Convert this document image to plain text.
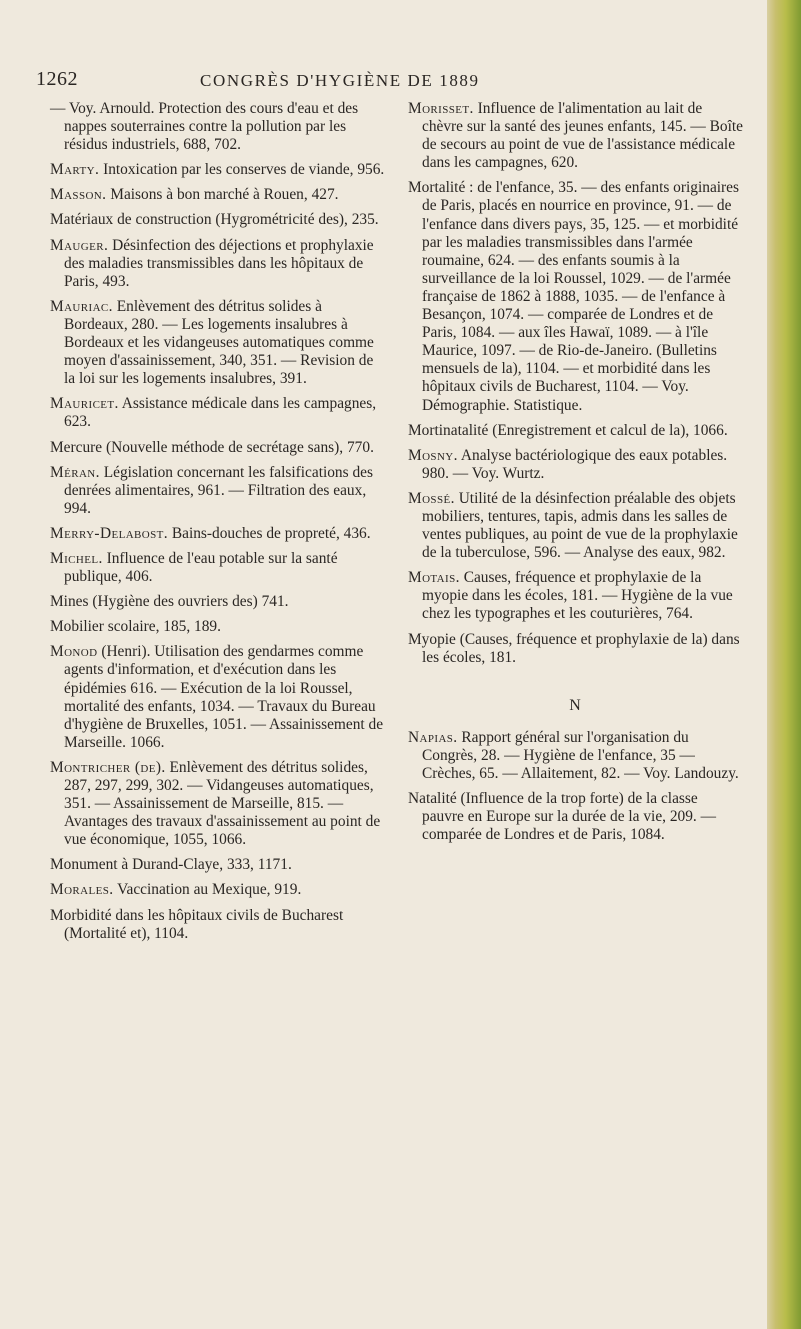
1262	CONGRÈS D'HYGIÈNE DE 1889

— Voy. Arnould. Protection des cours d'eau et des nappes souterraines contre la pollution par les résidus industriels, 688, 702.

Marty. Intoxication par les conserves de viande, 956.

Masson. Maisons à bon marché à Rouen, 427.

Matériaux de construction (Hygrométricité des), 235.

Mauger. Désinfection des déjections et prophylaxie des maladies transmissibles dans les hôpitaux de Paris, 493.

Mauriac. Enlèvement des détritus solides à Bordeaux, 280. — Les logements insalubres à Bordeaux et les vidangeuses automatiques comme moyen d'assainissement, 340, 351. — Revision de la loi sur les logements insalubres, 391.

Mauricet. Assistance médicale dans les campagnes, 623.

Mercure (Nouvelle méthode de secrétage sans), 770.

Méran. Législation concernant les falsifications des denrées alimentaires, 961. — Filtration des eaux, 994.

Merry-Delabost. Bains-douches de propreté, 436.

Michel. Influence de l'eau potable sur la santé publique, 406.

Mines (Hygiène des ouvriers des) 741.

Mobilier scolaire, 185, 189.

Monod (Henri). Utilisation des gendarmes comme agents d'information, et d'exécution dans les épidémies 616. — Exécution de la loi Roussel, mortalité des enfants, 1034. — Travaux du Bureau d'hygiène de Bruxelles, 1051. — Assainissement de Marseille. 1066.

Montricher (de). Enlèvement des détritus solides, 287, 297, 299, 302. — Vidangeuses automatiques, 351. — Assainissement de Marseille, 815. — Avantages des travaux d'assainissement au point de vue économique, 1055, 1066.

Monument à Durand-Claye, 333, 1171.

Morales. Vaccination au Mexique, 919.

Morbidité dans les hôpitaux civils de Bucharest (Mortalité et), 1104.

Morisset. Influence de l'alimentation au lait de chèvre sur la santé des jeunes enfants, 145. — Boîte de secours au point de vue de l'assistance médicale dans les campagnes, 620.

Mortalité : de l'enfance, 35. — des enfants originaires de Paris, placés en nourrice en province, 91. — de l'enfance dans divers pays, 35, 125. — et morbidité par les maladies transmissibles dans l'armée roumaine, 624. — des enfants soumis à la surveillance de la loi Roussel, 1029. — de l'armée française de 1862 à 1888, 1035. — de l'enfance à Besançon, 1074. — comparée de Londres et de Paris, 1084. — aux îles Hawaï, 1089. — à l'île Maurice, 1097. — de Rio-de-Janeiro. (Bulletins mensuels de la), 1104. — et morbidité dans les hôpitaux civils de Bucharest, 1104. — Voy. Démographie. Statistique.

Mortinatalité (Enregistrement et calcul de la), 1066.

Mosny. Analyse bactériologique des eaux potables. 980. — Voy. Wurtz.

Mossé. Utilité de la désinfection préalable des objets mobiliers, tentures, tapis, admis dans les salles de ventes publiques, au point de vue de la prophylaxie de la tuberculose, 596. — Analyse des eaux, 982.

Motais. Causes, fréquence et prophylaxie de la myopie dans les écoles, 181. — Hygiène de la vue chez les typographes et les couturières, 764.

Myopie (Causes, fréquence et prophylaxie de la) dans les écoles, 181.

N

Napias. Rapport général sur l'organisation du Congrès, 28. — Hygiène de l'enfance, 35 — Crèches, 65. — Allaitement, 82. — Voy. Landouzy.

Natalité (Influence de la trop forte) de la classe pauvre en Europe sur la durée de la vie, 209. — comparée de Londres et de Paris, 1084.
